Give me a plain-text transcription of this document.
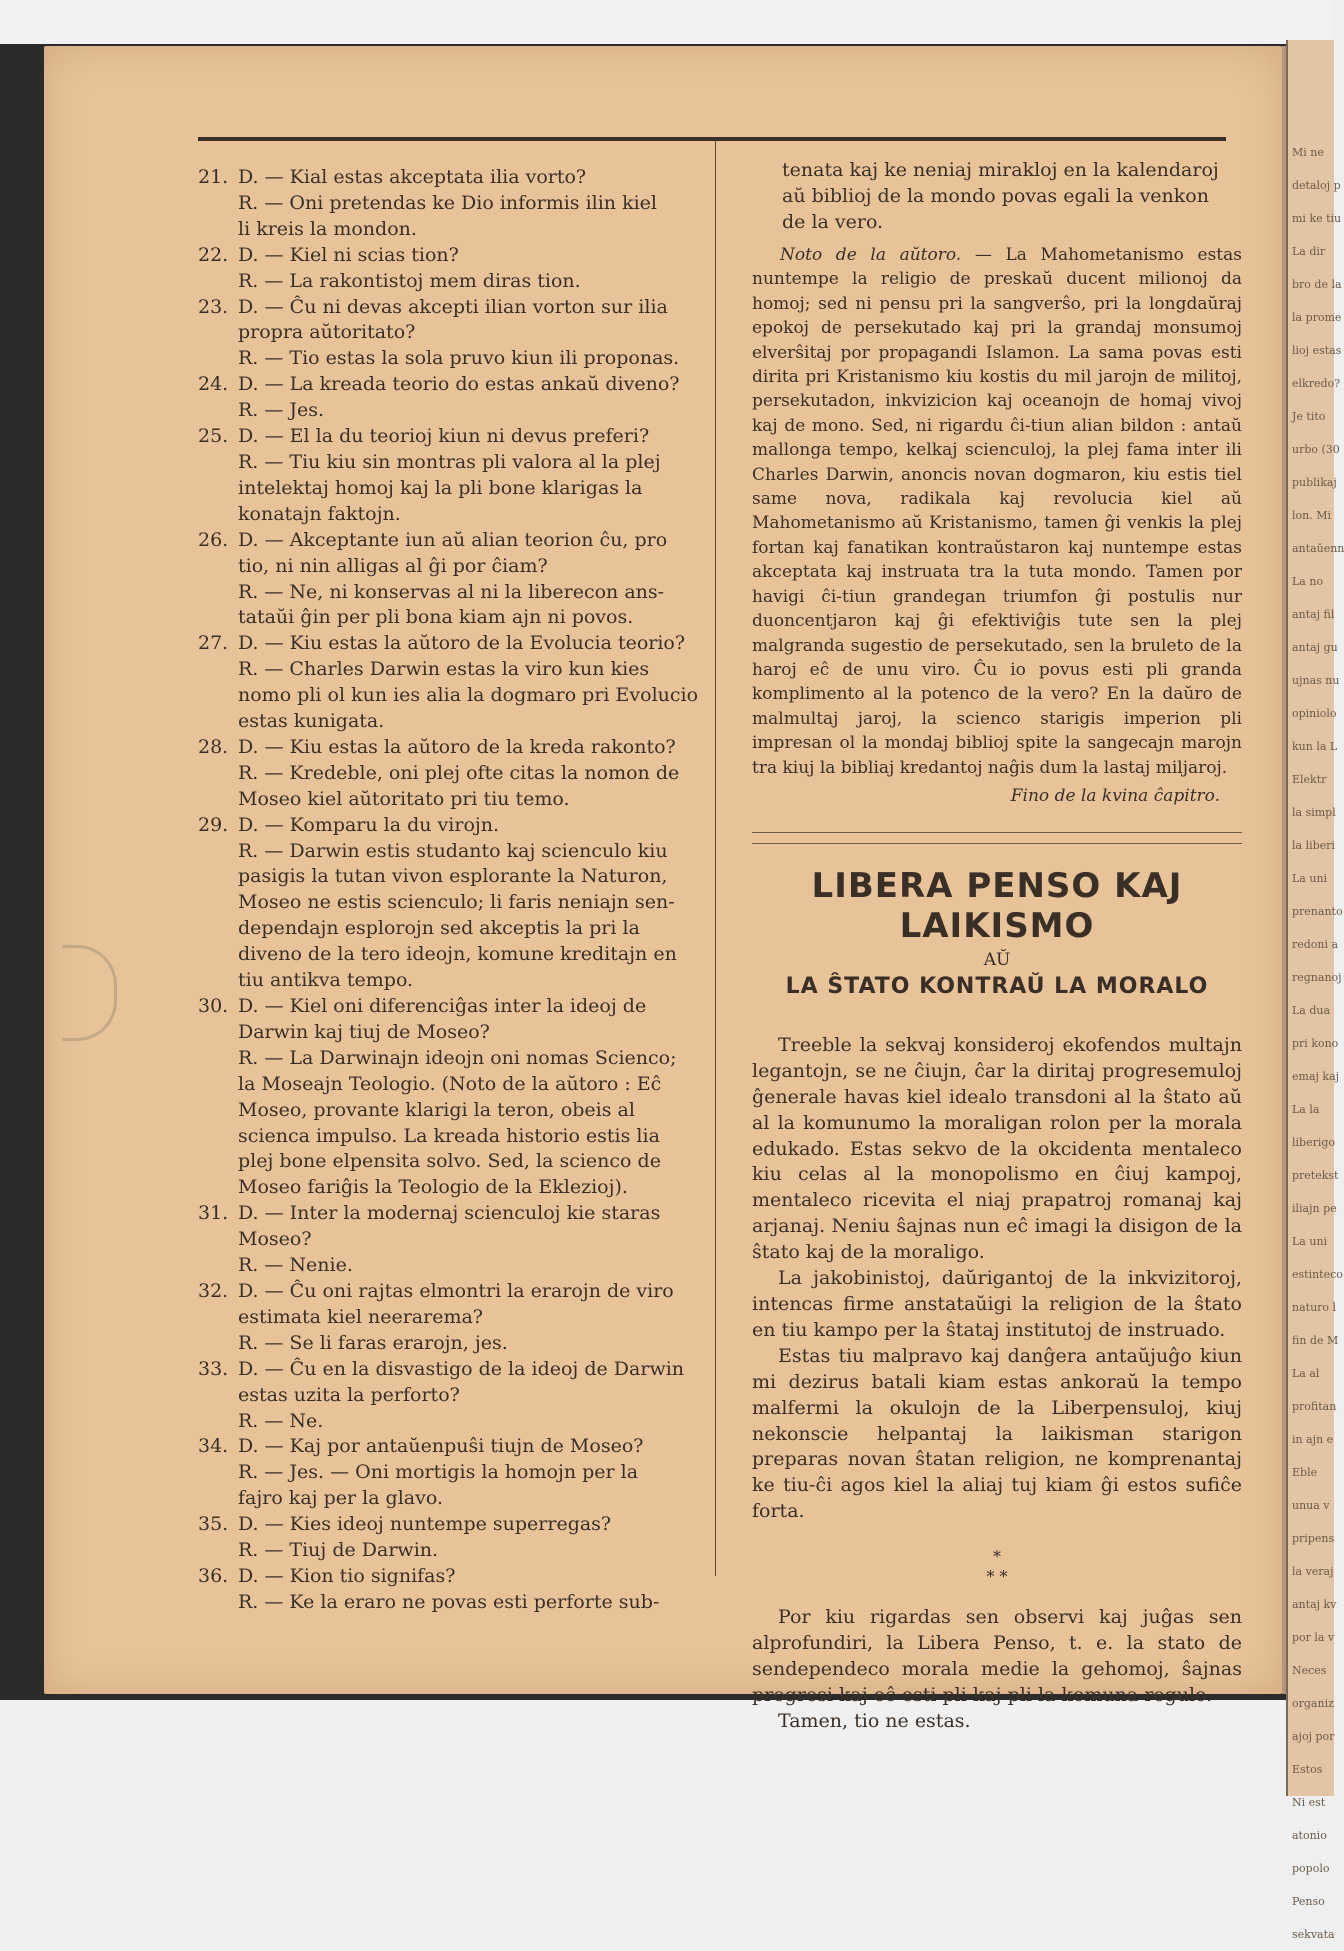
Mi ne
detaloj p
mi ke tiu
La dir
bro de la
la prome
lioj estas
elkredo?
Je tito
urbo (30
publikaj
lon. Mi
antaŭenn
La no
antaj fil
antaj gu
ujnas nu
opiniolo
kun la L
Elektr
la simpl
la liberi
La uni
prenanto
redoni a
regnanoj
La dua
pri kono
emaj kaj
La la
liberigo
pretekst
iliajn pe
La uni
estinteco
naturo l
fin de M
La al
profitan
in ajn e
Eble
unua v
pripens
la veraj
antaj kv
por la v
Neces
organiz
ajoj por
Estos
Ni est
atonio
popolo
Penso
sekvata
21. D. — Kial estas akceptata ilia vorto?
R. — Oni pretendas ke Dio informis ilin kiel
li kreis la mondon.
22. D. — Kiel ni scias tion?
R. — La rakontistoj mem diras tion.
23. D. — Ĉu ni devas akcepti ilian vorton sur ilia
propra aŭtoritato?
R. — Tio estas la sola pruvo kiun ili proponas.
24. D. — La kreada teorio do estas ankaŭ diveno?
R. — Jes.
25. D. — El la du teorioj kiun ni devus preferi?
R. — Tiu kiu sin montras pli valora al la plej
intelektaj homoj kaj la pli bone klarigas la
konatajn faktojn.
26. D. — Akceptante iun aŭ alian teorion ĉu, pro
tio, ni nin alligas al ĝi por ĉiam?
R. — Ne, ni konservas al ni la liberecon ans-
tataŭi ĝin per pli bona kiam ajn ni povos.
27. D. — Kiu estas la aŭtoro de la Evolucia teorio?
R. — Charles Darwin estas la viro kun kies
nomo pli ol kun ies alia la dogmaro pri Evolucio
estas kunigata.
28. D. — Kiu estas la aŭtoro de la kreda rakonto?
R. — Kredeble, oni plej ofte citas la nomon de
Moseo kiel aŭtoritato pri tiu temo.
29. D. — Komparu la du virojn.
R. — Darwin estis studanto kaj scienculo kiu
pasigis la tutan vivon esplorante la Naturon,
Moseo ne estis scienculo; li faris neniajn sen-
dependajn esplorojn sed akceptis la pri la
diveno de la tero ideojn, komune kreditajn en
tiu antikva tempo.
30. D. — Kiel oni diferenciĝas inter la ideoj de
Darwin kaj tiuj de Moseo?
R. — La Darwinajn ideojn oni nomas Scienco;
la Moseajn Teologio. (Noto de la aŭtoro : Eĉ
Moseo, provante klarigi la teron, obeis al
scienca impulso. La kreada historio estis lia
plej bone elpensita solvo. Sed, la scienco de
Moseo fariĝis la Teologio de la Eklezioj).
31. D. — Inter la modernaj scienculoj kie staras
Moseo?
R. — Nenie.
32. D. — Ĉu oni rajtas elmontri la erarojn de viro
estimata kiel neerarema?
R. — Se li faras erarojn, jes.
33. D. — Ĉu en la disvastigo de la ideoj de Darwin
estas uzita la perforto?
R. — Ne.
34. D. — Kaj por antaŭenpuŝi tiujn de Moseo?
R. — Jes. — Oni mortigis la homojn per la
fajro kaj per la glavo.
35. D. — Kies ideoj nuntempe superregas?
R. — Tiuj de Darwin.
36. D. — Kion tio signifas?
R. — Ke la eraro ne povas esti perforte sub-
tenata kaj ke neniaj mirakloj en la kalendaroj
aŭ biblioj de la mondo povas egali la venkon
de la vero.
Noto de la aŭtoro. — La Mahometanismo estas nuntempe la religio de preskaŭ ducent milionoj da homoj; sed ni pensu pri la sangverŝo, pri la longdaŭraj epokoj de persekutado kaj pri la grandaj monsumoj elverŝitaj por propagandi Islamon. La sama povas esti dirita pri Kristanismo kiu kostis du mil jarojn de militoj, persekutadon, inkvizicion kaj oceanojn de homaj vivoj kaj de mono. Sed, ni rigardu ĉi-tiun alian bildon : antaŭ mallonga tempo, kelkaj scienculoj, la plej fama inter ili Charles Darwin, anoncis novan dogmaron, kiu estis tiel same nova, radikala kaj revolucia kiel aŭ Mahometanismo aŭ Kristanismo, tamen ĝi venkis la plej fortan kaj fanatikan kontraŭstaron kaj nuntempe estas akceptata kaj instruata tra la tuta mondo. Tamen por havigi ĉi-tiun grandegan triumfon ĝi postulis nur duoncentjaron kaj ĝi efektiviĝis tute sen la plej malgranda sugestio de persekutado, sen la bruleto de la haroj eĉ de unu viro. Ĉu io povus esti pli granda komplimento al la potenco de la vero? En la daŭro de malmultaj jaroj, la scienco starigis imperion pli impresan ol la mondaj biblioj spite la sangecajn marojn tra kiuj la bibliaj kredantoj naĝis dum la lastaj miljaroj.
Fino de la kvina ĉapitro.
LIBERA PENSO KAJ LAIKISMO
AŬ
LA ŜTATO KONTRAŬ LA MORALO
Treeble la sekvaj konsideroj ekofendos multajn legantojn, se ne ĉiujn, ĉar la diritaj progresemuloj ĝenerale havas kiel idealo transdoni al la ŝtato aŭ al la komunumo la moraligan rolon per la morala edukado. Estas sekvo de la okcidenta mentaleco kiu celas al la monopolismo en ĉiuj kampoj, mentaleco ricevita el niaj prapatroj romanaj kaj arjanaj. Neniu ŝajnas nun eĉ imagi la disigon de la ŝtato kaj de la moraligo.
La jakobinistoj, daŭrigantoj de la inkvizitoroj, intencas firme anstataŭigi la religion de la ŝtato en tiu kampo per la ŝtataj institutoj de instruado.
Estas tiu malpravo kaj danĝera antaŭjuĝo kiun mi dezirus batali kiam estas ankoraŭ la tempo malfermi la okulojn de la Liberpensuloj, kiuj nekonscie helpantaj la laikisman starigon preparas novan ŝtatan religion, ne komprenantaj ke tiu-ĉi agos kiel la aliaj tuj kiam ĝi estos sufiĉe forta.
*
* *
Por kiu rigardas sen observi kaj juĝas sen alprofundiri, la Libera Penso, t. e. la stato de sendependeco morala medie la gehomoj, ŝajnas progresi kaj eĉ esti pli kaj pli la komuna regulo.
Tamen, tio ne estas.
